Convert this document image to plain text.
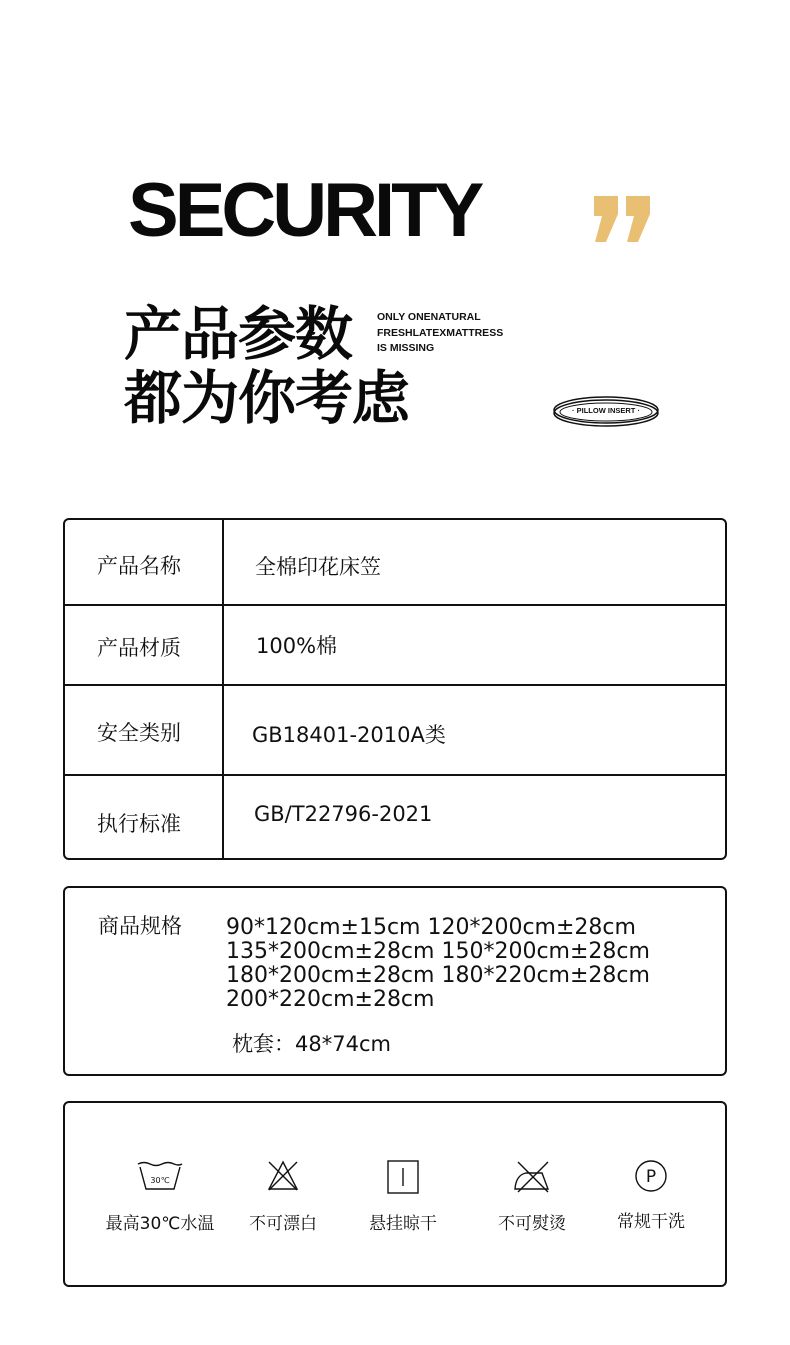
SECURITY
产品参数
都为你考虑
ONLY ONENATURAL
FRESHLATEXMATTRESS
IS MISSING
· PILLOW INSERT ·
产品名称	全棉印花床笠
产品材质	100%棉
安全类别	GB18401-2010A类
执行标准	GB/T22796-2021
商品规格 90*120cm±15cm 120*200cm±28cm
135*200cm±28cm 150*200cm±28cm
180*200cm±28cm 180*220cm±28cm
200*220cm±28cm
枕套：48*74cm
30℃
最高30℃水温 不可漂白	悬挂晾干	不可熨烫
P
常规干洗
